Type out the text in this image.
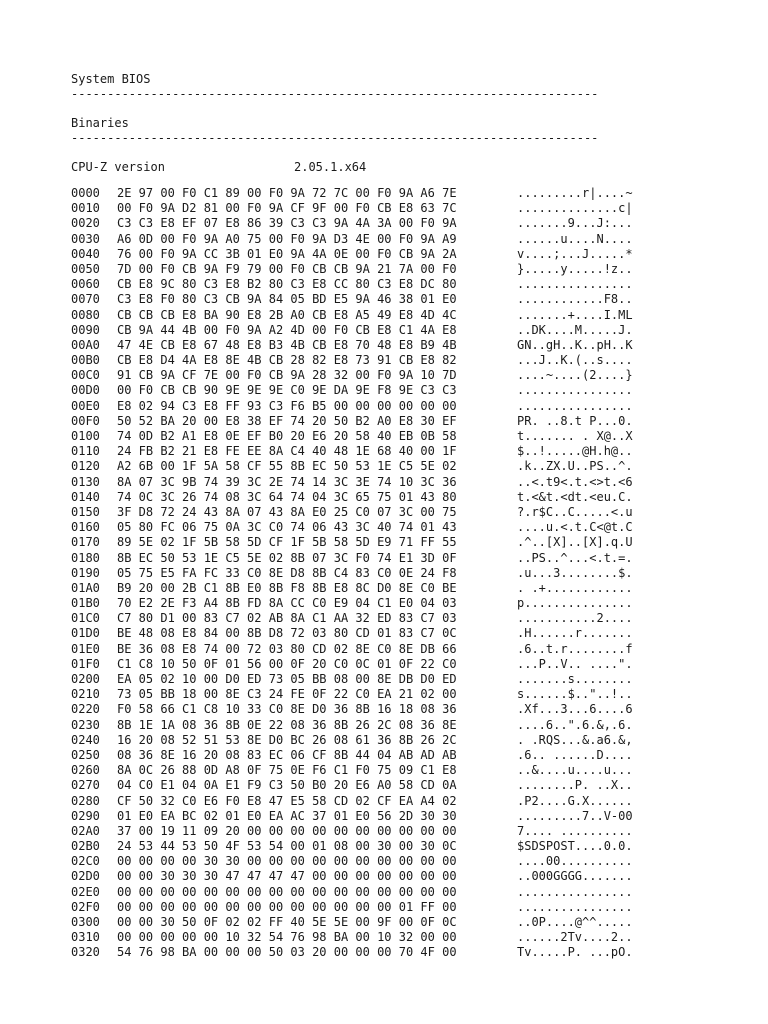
System BIOS
-------------------------------------------------------------------------
Binaries
-------------------------------------------------------------------------
CPU-Z version	2.05.1.x64
0000	2E 97 00 F0 C1 89 00 F0 9A 72 7C 00 F0 9A A6 7E	.........r|....~
0010	00 F0 9A D2 81 00 F0 9A CF 9F 00 F0 CB E8 63 7C	..............c|
0020	C3 C3 E8 EF 07 E8 86 39 C3 C3 9A 4A 3A 00 F0 9A	.......9...J:...
0030	A6 0D 00 F0 9A A0 75 00 F0 9A D3 4E 00 F0 9A A9	......u....N....
0040	76 00 F0 9A CC 3B 01 E0 9A 4A 0E 00 F0 CB 9A 2A	v....;...J.....*
0050	7D 00 F0 CB 9A F9 79 00 F0 CB CB 9A 21 7A 00 F0	}.....y.....!z..
0060	CB E8 9C 80 C3 E8 B2 80 C3 E8 CC 80 C3 E8 DC 80	................
0070	C3 E8 F0 80 C3 CB 9A 84 05 BD E5 9A 46 38 01 E0	............F8..
0080	CB CB CB E8 BA 90 E8 2B A0 CB E8 A5 49 E8 4D 4C	.......+....I.ML
0090	CB 9A 44 4B 00 F0 9A A2 4D 00 F0 CB E8 C1 4A E8	..DK....M.....J.
00A0	47 4E CB E8 67 48 E8 B3 4B CB E8 70 48 E8 B9 4B	GN..gH..K..pH..K
00B0	CB E8 D4 4A E8 8E 4B CB 28 82 E8 73 91 CB E8 82	...J..K.(..s....
00C0	91 CB 9A CF 7E 00 F0 CB 9A 28 32 00 F0 9A 10 7D	....~....(2....}
00D0	00 F0 CB CB 90 9E 9E 9E C0 9E DA 9E F8 9E C3 C3	................
00E0	E8 02 94 C3 E8 FF 93 C3 F6 B5 00 00 00 00 00 00	................
00F0	50 52 BA 20 00 E8 38 EF 74 20 50 B2 A0 E8 30 EF	PR. ..8.t P...0.
0100	74 0D B2 A1 E8 0E EF B0 20 E6 20 58 40 EB 0B 58	t....... . X@..X
0110	24 FB B2 21 E8 FE EE 8A C4 40 48 1E 68 40 00 1F	$..!.....@H.h@..
0120	A2 6B 00 1F 5A 58 CF 55 8B EC 50 53 1E C5 5E 02	.k..ZX.U..PS..^.
0130	8A 07 3C 9B 74 39 3C 2E 74 14 3C 3E 74 10 3C 36	..<.t9<.t.<>t.<6
0140	74 0C 3C 26 74 08 3C 64 74 04 3C 65 75 01 43 80	t.<&t.<dt.<eu.C.
0150	3F D8 72 24 43 8A 07 43 8A E0 25 C0 07 3C 00 75	?.r$C..C.....<.u
0160	05 80 FC 06 75 0A 3C C0 74 06 43 3C 40 74 01 43	....u.<.t.C<@t.C
0170	89 5E 02 1F 5B 58 5D CF 1F 5B 58 5D E9 71 FF 55	.^..[X]..[X].q.U
0180	8B EC 50 53 1E C5 5E 02 8B 07 3C F0 74 E1 3D 0F	..PS..^...<.t.=.
0190	05 75 E5 FA FC 33 C0 8E D8 8B C4 83 C0 0E 24 F8	.u...3........$.
01A0	B9 20 00 2B C1 8B E0 8B F8 8B E8 8C D0 8E C0 BE	. .+............
01B0	70 E2 2E F3 A4 8B FD 8A CC C0 E9 04 C1 E0 04 03	p...............
01C0	C7 80 D1 00 83 C7 02 AB 8A C1 AA 32 ED 83 C7 03	...........2....
01D0	BE 48 08 E8 84 00 8B D8 72 03 80 CD 01 83 C7 0C	.H......r.......
01E0	BE 36 08 E8 74 00 72 03 80 CD 02 8E C0 8E DB 66	.6..t.r........f
01F0	C1 C8 10 50 0F 01 56 00 0F 20 C0 0C 01 0F 22 C0	...P..V.. ....".
0200	EA 05 02 10 00 D0 ED 73 05 BB 08 00 8E DB D0 ED	.......s........
0210	73 05 BB 18 00 8E C3 24 FE 0F 22 C0 EA 21 02 00	s......$.."..!..
0220	F0 58 66 C1 C8 10 33 C0 8E D0 36 8B 16 18 08 36	.Xf...3...6....6
0230	8B 1E 1A 08 36 8B 0E 22 08 36 8B 26 2C 08 36 8E	....6..".6.&,.6.
0240	16 20 08 52 51 53 8E D0 BC 26 08 61 36 8B 26 2C	. .RQS...&.a6.&,
0250	08 36 8E 16 20 08 83 EC 06 CF 8B 44 04 AB AD AB	.6.. ......D....
0260	8A 0C 26 88 0D A8 0F 75 0E F6 C1 F0 75 09 C1 E8	..&....u....u...
0270	04 C0 E1 04 0A E1 F9 C3 50 B0 20 E6 A0 58 CD 0A	........P. ..X..
0280	CF 50 32 C0 E6 F0 E8 47 E5 58 CD 02 CF EA A4 02	.P2....G.X......
0290	01 E0 EA BC 02 01 E0 EA AC 37 01 E0 56 2D 30 30	.........7..V-00
02A0	37 00 19 11 09 20 00 00 00 00 00 00 00 00 00 00	7.... ..........
02B0	24 53 44 53 50 4F 53 54 00 01 08 00 30 00 30 0C	$SDSPOST....0.0.
02C0	00 00 00 00 30 30 00 00 00 00 00 00 00 00 00 00	....00..........
02D0	00 00 30 30 30 47 47 47 47 00 00 00 00 00 00 00	..000GGGG.......
02E0	00 00 00 00 00 00 00 00 00 00 00 00 00 00 00 00	................
02F0	00 00 00 00 00 00 00 00 00 00 00 00 00 01 FF 00	................
0300	00 00 30 50 0F 02 02 FF 40 5E 5E 00 9F 00 0F 0C	..0P....@^^.....
0310	00 00 00 00 00 10 32 54 76 98 BA 00 10 32 00 00	......2Tv....2..
0320	54 76 98 BA 00 00 00 50 03 20 00 00 00 70 4F 00	Tv.....P. ...pO.
